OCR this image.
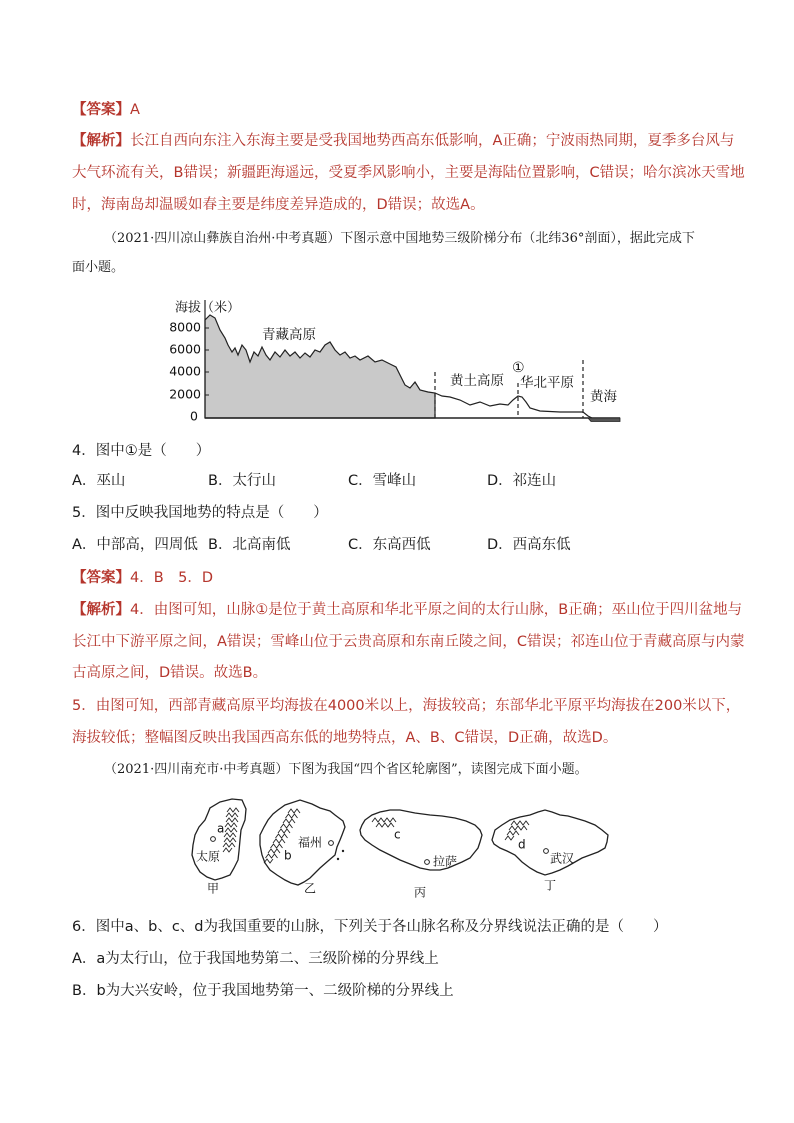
【答案】A
【解析】长江自西向东注入东海主要是受我国地势西高东低影响，A正确；宁波雨热同期，夏季多台风与
大气环流有关，B错误；新疆距海遥远，受夏季风影响小，主要是海陆位置影响，C错误；哈尔滨冰天雪地
时，海南岛却温暖如春主要是纬度差异造成的，D错误；故选A。
（2021·四川凉山彝族自治州·中考真题）下图示意中国地势三级阶梯分布（北纬36°剖面），据此完成下
面小题。
海拔（米）
8000
6000
4000
2000
0
青藏高原
黄土高原
①
华北平原
黄海
4．图中①是（　　）
A．巫山	B．太行山	C．雪峰山	D．祁连山
5．图中反映我国地势的特点是（　　）
A．中部高，四周低 B．北高南低	C．东高西低	D．西高东低
【答案】4．B　5．D
【解析】4．由图可知，山脉①是位于黄土高原和华北平原之间的太行山脉，B正确；巫山位于四川盆地与
长江中下游平原之间，A错误；雪峰山位于云贵高原和东南丘陵之间，C错误；祁连山位于青藏高原与内蒙
古高原之间，D错误。故选B。
5．由图可知，西部青藏高原平均海拔在4000米以上，海拔较高；东部华北平原平均海拔在200米以下，
海拔较低；整幅图反映出我国西高东低的地势特点，A、B、C错误，D正确，故选D。
（2021·四川南充市·中考真题）下图为我国“四个省区轮廓图”，读图完成下面小题。
a
太原
甲
福州
b
乙
c
拉萨
丙
d
武汉
丁
6．图中a、b、c、d为我国重要的山脉，下列关于各山脉名称及分界线说法正确的是（　　）
A．a为太行山，位于我国地势第二、三级阶梯的分界线上
B．b为大兴安岭，位于我国地势第一、二级阶梯的分界线上
